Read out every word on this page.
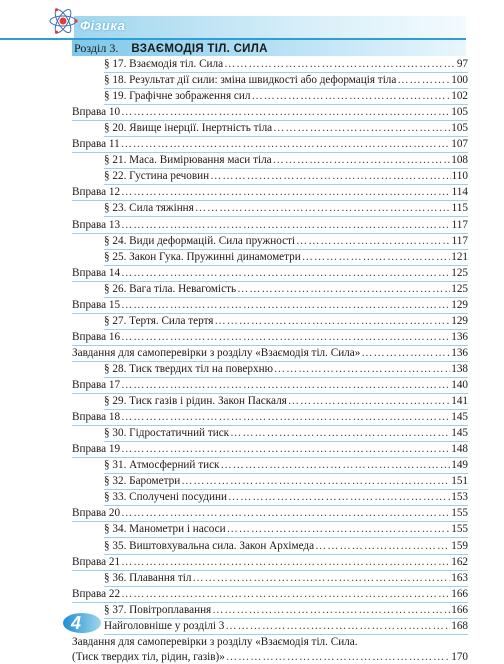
Фізика
Розділ 3. ВЗАЄМОДІЯ ТІЛ. СИЛА
§ 17. Взаємодія тіл. Сила ……………………………………………………………………………………………………………………………………………………………………	97
§ 18. Результат дії сили: зміна швидкості або деформація тіла ……………………………………………………………………………………………………………………………………………………………………	100
§ 19. Графічне зображення сил ……………………………………………………………………………………………………………………………………………………………………	102
Вправа 10 ……………………………………………………………………………………………………………………………………………………………………	105
§ 20. Явище інерції. Інертність тіла ……………………………………………………………………………………………………………………………………………………………………	105
Вправа 11 ……………………………………………………………………………………………………………………………………………………………………	107
§ 21. Маса. Вимірювання маси тіла ……………………………………………………………………………………………………………………………………………………………………	108
§ 22. Густина речовин ……………………………………………………………………………………………………………………………………………………………………	110
Вправа 12 ……………………………………………………………………………………………………………………………………………………………………	114
§ 23. Сила тяжіння ……………………………………………………………………………………………………………………………………………………………………	115
Вправа 13 ……………………………………………………………………………………………………………………………………………………………………	117
§ 24. Види деформацій. Сила пружності ……………………………………………………………………………………………………………………………………………………………………	117
§ 25. Закон Гука. Пружинні динамометри ……………………………………………………………………………………………………………………………………………………………………	121
Вправа 14 ……………………………………………………………………………………………………………………………………………………………………	125
§ 26. Вага тіла. Невагомість ……………………………………………………………………………………………………………………………………………………………………	125
Вправа 15 ……………………………………………………………………………………………………………………………………………………………………	129
§ 27. Тертя. Сила тертя ……………………………………………………………………………………………………………………………………………………………………	129
Вправа 16 ……………………………………………………………………………………………………………………………………………………………………	136
Завдання для самоперевірки з розділу «Взаємодія тіл. Сила» ……………………………………………………………………………………………………………………………………………………………………	136
§ 28. Тиск твердих тіл на поверхню ……………………………………………………………………………………………………………………………………………………………………	138
Вправа 17 ……………………………………………………………………………………………………………………………………………………………………	140
§ 29. Тиск газів і рідин. Закон Паскаля ……………………………………………………………………………………………………………………………………………………………………	141
Вправа 18 ……………………………………………………………………………………………………………………………………………………………………	145
§ 30. Гідростатичний тиск ……………………………………………………………………………………………………………………………………………………………………	145
Вправа 19 ……………………………………………………………………………………………………………………………………………………………………	148
§ 31. Атмосферний тиск ……………………………………………………………………………………………………………………………………………………………………	149
§ 32. Барометри ……………………………………………………………………………………………………………………………………………………………………	151
§ 33. Сполучені посудини ……………………………………………………………………………………………………………………………………………………………………	153
Вправа 20 ……………………………………………………………………………………………………………………………………………………………………	155
§ 34. Манометри і насоси ……………………………………………………………………………………………………………………………………………………………………	155
§ 35. Виштовхувальна сила. Закон Архімеда ……………………………………………………………………………………………………………………………………………………………………	159
Вправа 21 ……………………………………………………………………………………………………………………………………………………………………	162
§ 36. Плавання тіл ……………………………………………………………………………………………………………………………………………………………………	163
Вправа 22 ……………………………………………………………………………………………………………………………………………………………………	166
§ 37. Повітроплавання ……………………………………………………………………………………………………………………………………………………………………	166
Найголовніше у розділі 3 ……………………………………………………………………………………………………………………………………………………………………	168
Завдання для самоперевірки з розділу «Взаємодія тіл. Сила.
(Тиск твердих тіл, рідин, газів)» ……………………………………………………………………………………………………………………………………………………………………	170
4
